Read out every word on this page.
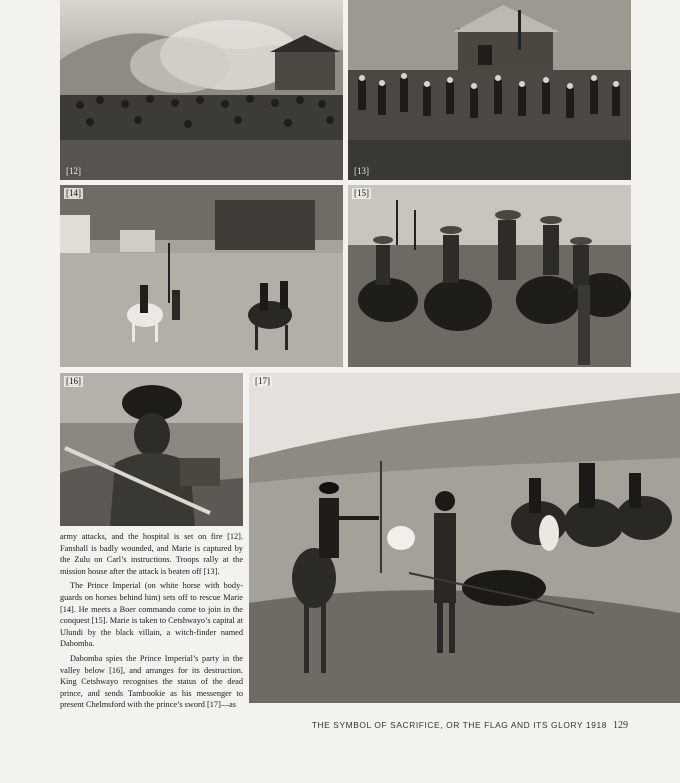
[12]	[13]
[14]	[15]
[16]	[17]

army attacks, and the hospital is set on fire [12]. Fanshall is badly wounded, and Marie is captured by the Zulu on Carl’s instructions. Troops rally at the mission house after the attack is beaten off [13].

The Prince Imperial (on white horse with body-guards on horses behind him) sets off to rescue Marie [14]. He meets a Boer commando come to join in the conquest [15]. Marie is taken to Cetshwayo’s capital at Ulundi by the black villain, a witch-finder named Dabomba.

Dabomba spies the Prince Imperial’s party in the valley below [16], and arranges for its destruction. King Cetshwayo recognises the status of the dead prince, and sends Tambookie as his messenger to present Chelmsford with the prince’s sword [17]—as

THE SYMBOL OF SACRIFICE, OR THE FLAG AND ITS GLORY 1918 129
